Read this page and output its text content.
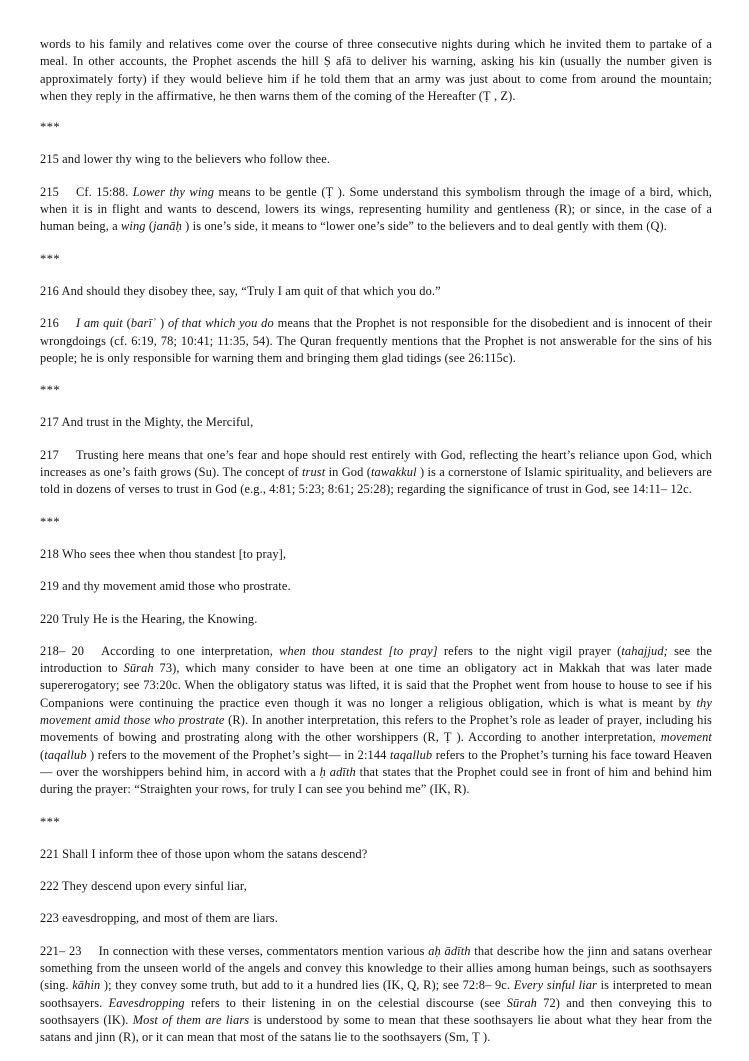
words to his family and relatives come over the course of three consecutive nights during which he invited them to partake of a meal. In other accounts, the Prophet ascends the hill Ṣ afā to deliver his warning, asking his kin (usually the number given is approximately forty) if they would believe him if he told them that an army was just about to come from around the mountain; when they reply in the affirmative, he then warns them of the coming of the Hereafter (Ṭ , Z).

***

215 and lower thy wing to the believers who follow thee.

215 Cf. 15:88. Lower thy wing means to be gentle (Ṭ ). Some understand this symbolism through the image of a bird, which, when it is in flight and wants to descend, lowers its wings, representing humility and gentleness (R); or since, in the case of a human being, a wing (janāḥ ) is one’s side, it means to “lower one’s side” to the believers and to deal gently with them (Q).

***

216 And should they disobey thee, say, “Truly I am quit of that which you do.”

216 I am quit (barīʾ ) of that which you do means that the Prophet is not responsible for the disobedient and is innocent of their wrongdoings (cf. 6:19, 78; 10:41; 11:35, 54). The Quran frequently mentions that the Prophet is not answerable for the sins of his people; he is only responsible for warning them and bringing them glad tidings (see 26:115c).

***

217 And trust in the Mighty, the Merciful,

217 Trusting here means that one’s fear and hope should rest entirely with God, reflecting the heart’s reliance upon God, which increases as one’s faith grows (Su). The concept of trust in God (tawakkul ) is a cornerstone of Islamic spirituality, and believers are told in dozens of verses to trust in God (e.g., 4:81; 5:23; 8:61; 25:28); regarding the significance of trust in God, see 14:11– 12c.

***

218 Who sees thee when thou standest [to pray],

219 and thy movement amid those who prostrate.

220 Truly He is the Hearing, the Knowing.

218– 20 According to one interpretation, when thou standest [to pray] refers to the night vigil prayer (tahajjud; see the introduction to Sūrah 73), which many consider to have been at one time an obligatory act in Makkah that was later made supererogatory; see 73:20c. When the obligatory status was lifted, it is said that the Prophet went from house to house to see if his Companions were continuing the practice even though it was no longer a religious obligation, which is what is meant by thy movement amid those who prostrate (R). In another interpretation, this refers to the Prophet’s role as leader of prayer, including his movements of bowing and prostrating along with the other worshippers (R, Ṭ ). According to another interpretation, movement (taqallub ) refers to the movement of the Prophet’s sight— in 2:144 taqallub refers to the Prophet’s turning his face toward Heaven— over the worshippers behind him, in accord with a ḥ adīth that states that the Prophet could see in front of him and behind him during the prayer: “Straighten your rows, for truly I can see you behind me” (IK, R).

***

221 Shall I inform thee of those upon whom the satans descend?

222 They descend upon every sinful liar,

223 eavesdropping, and most of them are liars.

221– 23 In connection with these verses, commentators mention various aḥ ādīth that describe how the jinn and satans overhear something from the unseen world of the angels and convey this knowledge to their allies among human beings, such as soothsayers (sing. kāhin ); they convey some truth, but add to it a hundred lies (IK, Q, R); see 72:8– 9c. Every sinful liar is interpreted to mean soothsayers. Eavesdropping refers to their listening in on the celestial discourse (see Sūrah 72) and then conveying this to soothsayers (IK). Most of them are liars is understood by some to mean that these soothsayers lie about what they hear from the satans and jinn (R), or it can mean that most of the satans lie to the soothsayers (Sm, Ṭ ).
